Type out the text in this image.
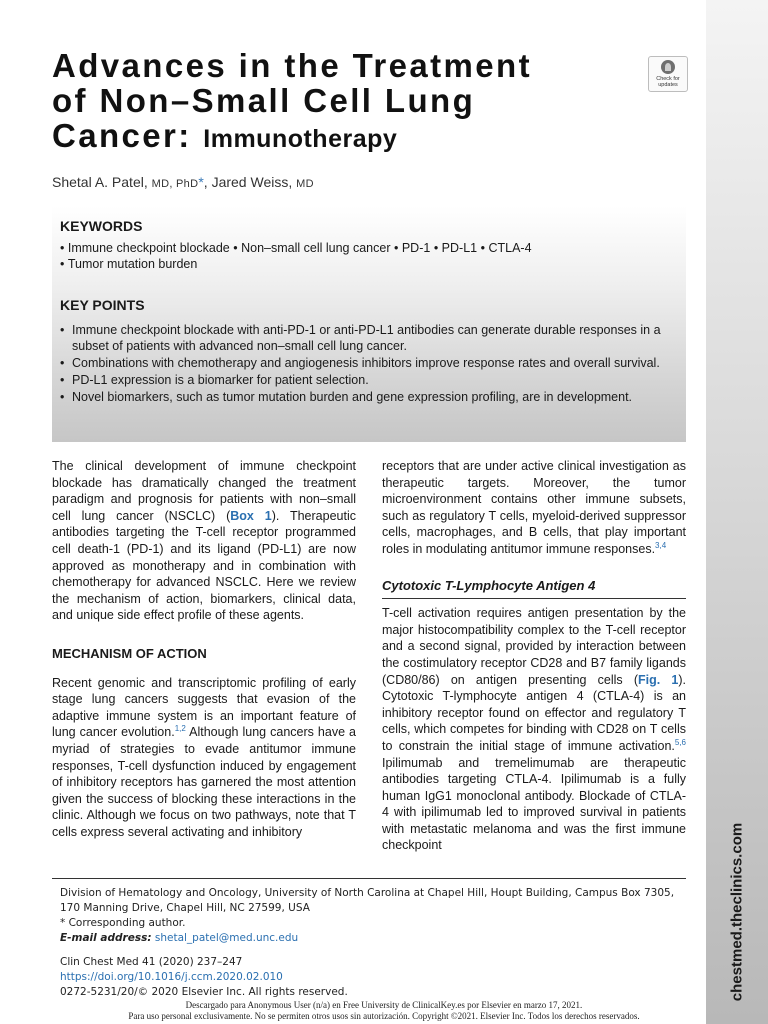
chestmed.theclinics.com
Advances in the Treatment
of Non–Small Cell Lung
Cancer: Immunotherapy
Check for updates
Shetal A. Patel, MD, PhD*, Jared Weiss, MD
KEYWORDS
• Immune checkpoint blockade • Non–small cell lung cancer • PD-1 • PD-L1 • CTLA-4
• Tumor mutation burden
KEY POINTS
• Immune checkpoint blockade with anti-PD-1 or anti-PD-L1 antibodies can generate durable responses in a subset of patients with advanced non–small cell lung cancer.
• Combinations with chemotherapy and angiogenesis inhibitors improve response rates and overall survival.
• PD-L1 expression is a biomarker for patient selection.
• Novel biomarkers, such as tumor mutation burden and gene expression profiling, are in development.

The clinical development of immune checkpoint blockade has dramatically changed the treatment paradigm and prognosis for patients with non–small cell lung cancer (NSCLC) (Box 1). Therapeutic antibodies targeting the T-cell receptor programmed cell death-1 (PD-1) and its ligand (PD-L1) are now approved as monotherapy and in combination with chemotherapy for advanced NSCLC. Here we review the mechanism of action, biomarkers, clinical data, and unique side effect profile of these agents.

MECHANISM OF ACTION

Recent genomic and transcriptomic profiling of early stage lung cancers suggests that evasion of the adaptive immune system is an important feature of lung cancer evolution.$^{1,2}$ Although lung cancers have a myriad of strategies to evade antitumor immune responses, T-cell dysfunction induced by engagement of inhibitory receptors has garnered the most attention given the success of blocking these interactions in the clinic. Although we focus on two pathways, note that T cells express several activating and inhibitory

receptors that are under active clinical investigation as therapeutic targets. Moreover, the tumor microenvironment contains other immune subsets, such as regulatory T cells, myeloid-derived suppressor cells, macrophages, and B cells, that play important roles in modulating antitumor immune responses.$^{3,4}$

Cytotoxic T-Lymphocyte Antigen 4

T-cell activation requires antigen presentation by the major histocompatibility complex to the T-cell receptor and a second signal, provided by interaction between the costimulatory receptor CD28 and B7 family ligands (CD80/86) on antigen presenting cells (Fig. 1). Cytotoxic T-lymphocyte antigen 4 (CTLA-4) is an inhibitory receptor found on effector and regulatory T cells, which competes for binding with CD28 on T cells to constrain the initial stage of immune activation.$^{5,6}$ Ipilimumab and tremelimumab are therapeutic antibodies targeting CTLA-4. Ipilimumab is a fully human IgG1 monoclonal antibody. Blockade of CTLA-4 with ipilimumab led to improved survival in patients with metastatic melanoma and was the first immune checkpoint

Division of Hematology and Oncology, University of North Carolina at Chapel Hill, Houpt Building, Campus Box 7305, 170 Manning Drive, Chapel Hill, NC 27599, USA
* Corresponding author.
E-mail address: shetal_patel@med.unc.edu
Clin Chest Med 41 (2020) 237–247
https://doi.org/10.1016/j.ccm.2020.02.010
0272-5231/20/© 2020 Elsevier Inc. All rights reserved.
Descargado para Anonymous User (n/a) en Free University de ClinicalKey.es por Elsevier en marzo 17, 2021.
Para uso personal exclusivamente. No se permiten otros usos sin autorización. Copyright ©2021. Elsevier Inc. Todos los derechos reservados.
